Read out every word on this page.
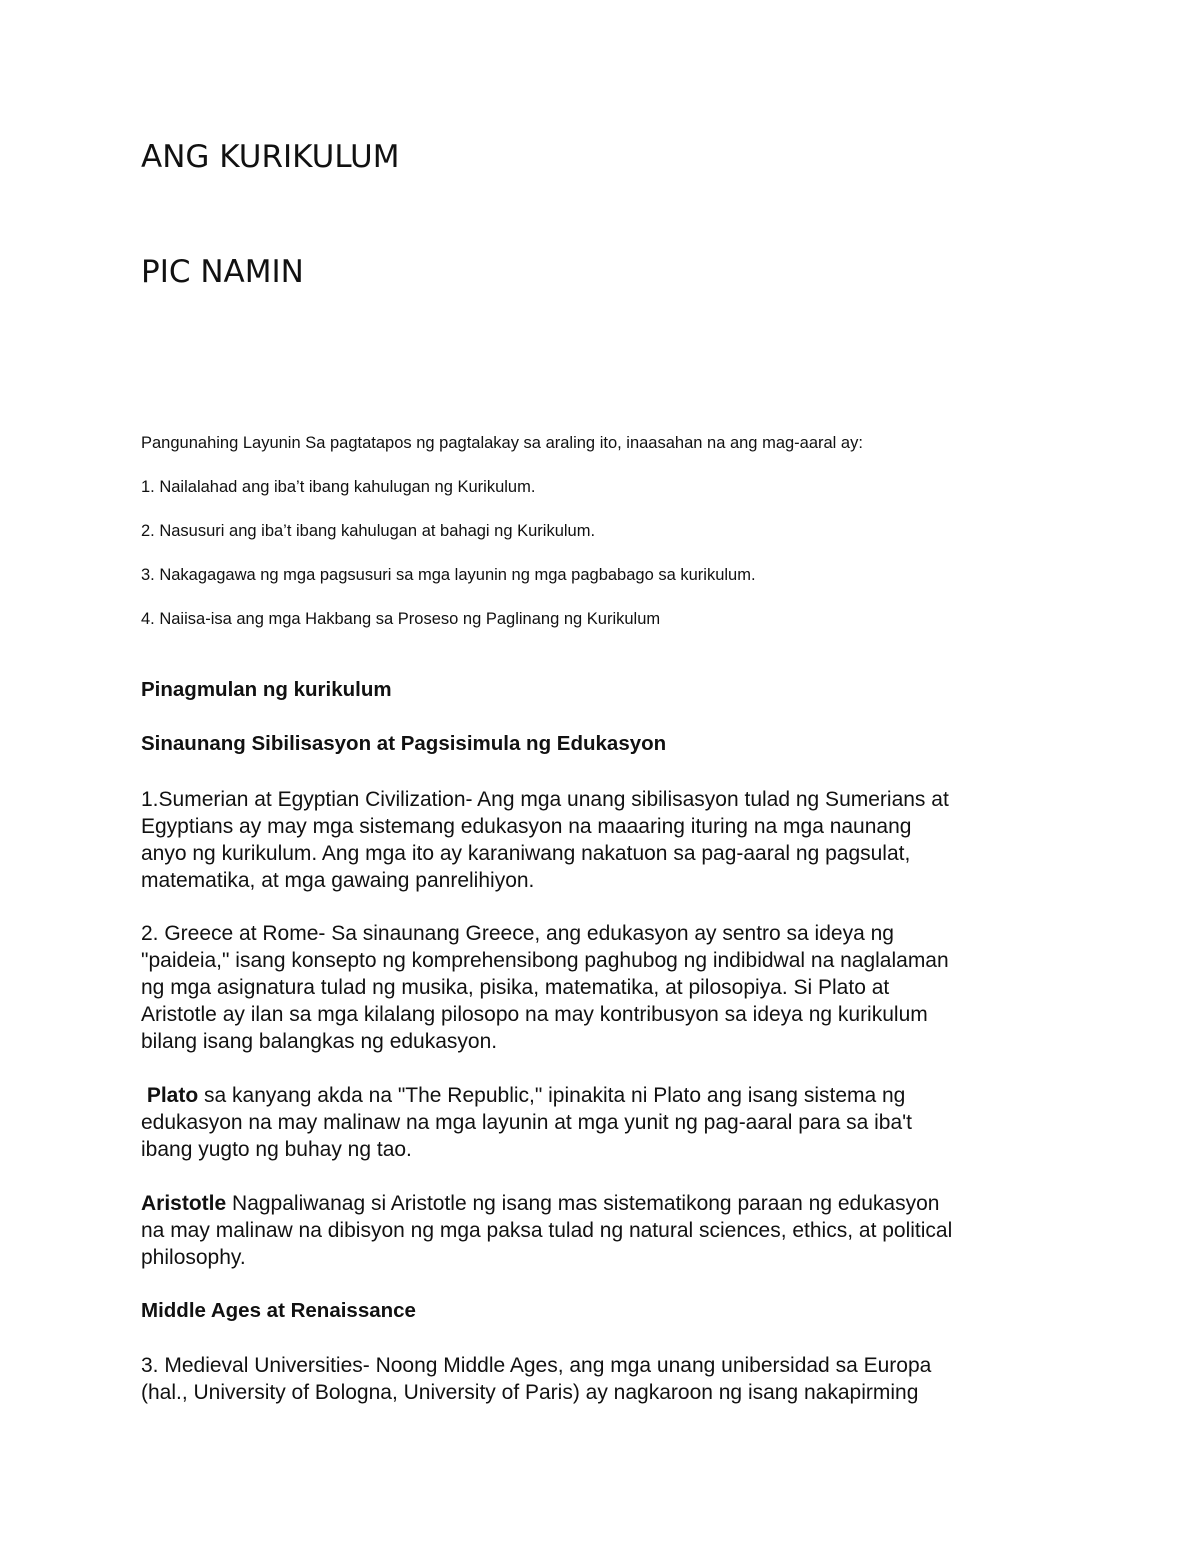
ANG KURIKULUM
PIC NAMIN

Pangunahing Layunin Sa pagtatapos ng pagtalakay sa araling ito, inaasahan na ang mag-aaral ay:

1. Nailalahad ang iba’t ibang kahulugan ng Kurikulum.

2. Nasusuri ang iba’t ibang kahulugan at bahagi ng Kurikulum.

3. Nakagagawa ng mga pagsusuri sa mga layunin ng mga pagbabago sa kurikulum.

4. Naiisa-isa ang mga Hakbang sa Proseso ng Paglinang ng Kurikulum

Pinagmulan ng kurikulum
Sinaunang Sibilisasyon at Pagsisimula ng Edukasyon

1.Sumerian at Egyptian Civilization- Ang mga unang sibilisasyon tulad ng Sumerians at
Egyptians ay may mga sistemang edukasyon na maaaring ituring na mga naunang
anyo ng kurikulum. Ang mga ito ay karaniwang nakatuon sa pag-aaral ng pagsulat,
matematika, at mga gawaing panrelihiyon.

2. Greece at Rome- Sa sinaunang Greece, ang edukasyon ay sentro sa ideya ng
"paideia," isang konsepto ng komprehensibong paghubog ng indibidwal na naglalaman
ng mga asignatura tulad ng musika, pisika, matematika, at pilosopiya. Si Plato at
Aristotle ay ilan sa mga kilalang pilosopo na may kontribusyon sa ideya ng kurikulum
bilang isang balangkas ng edukasyon.

Plato sa kanyang akda na "The Republic," ipinakita ni Plato ang isang sistema ng
edukasyon na may malinaw na mga layunin at mga yunit ng pag-aaral para sa iba't
ibang yugto ng buhay ng tao.

Aristotle Nagpaliwanag si Aristotle ng isang mas sistematikong paraan ng edukasyon
na may malinaw na dibisyon ng mga paksa tulad ng natural sciences, ethics, at political
philosophy.

Middle Ages at Renaissance

3. Medieval Universities- Noong Middle Ages, ang mga unang unibersidad sa Europa
(hal., University of Bologna, University of Paris) ay nagkaroon ng isang nakapirming
